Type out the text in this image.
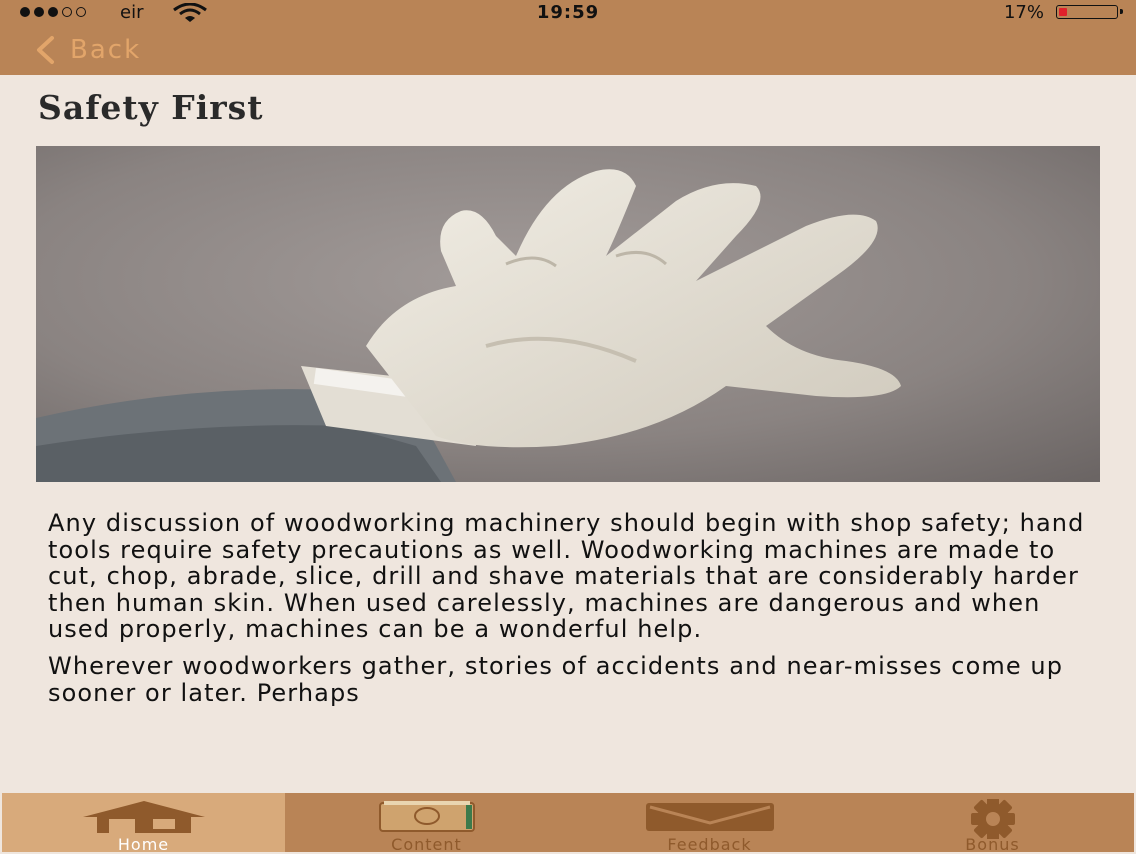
eir	19:59	17%
Back
Safety First

Any discussion of woodworking machinery should begin with shop safety; hand tools require safety precautions as well. Woodworking machines are made to cut, chop, abrade, slice, drill and shave materials that are considerably harder then human skin. When used carelessly, machines are dangerous and when used properly, machines can be a wonderful help.

Wherever woodworkers gather, stories of accidents and near-misses come up sooner or later. Perhaps

Home	Content	Feedback	Bonus
